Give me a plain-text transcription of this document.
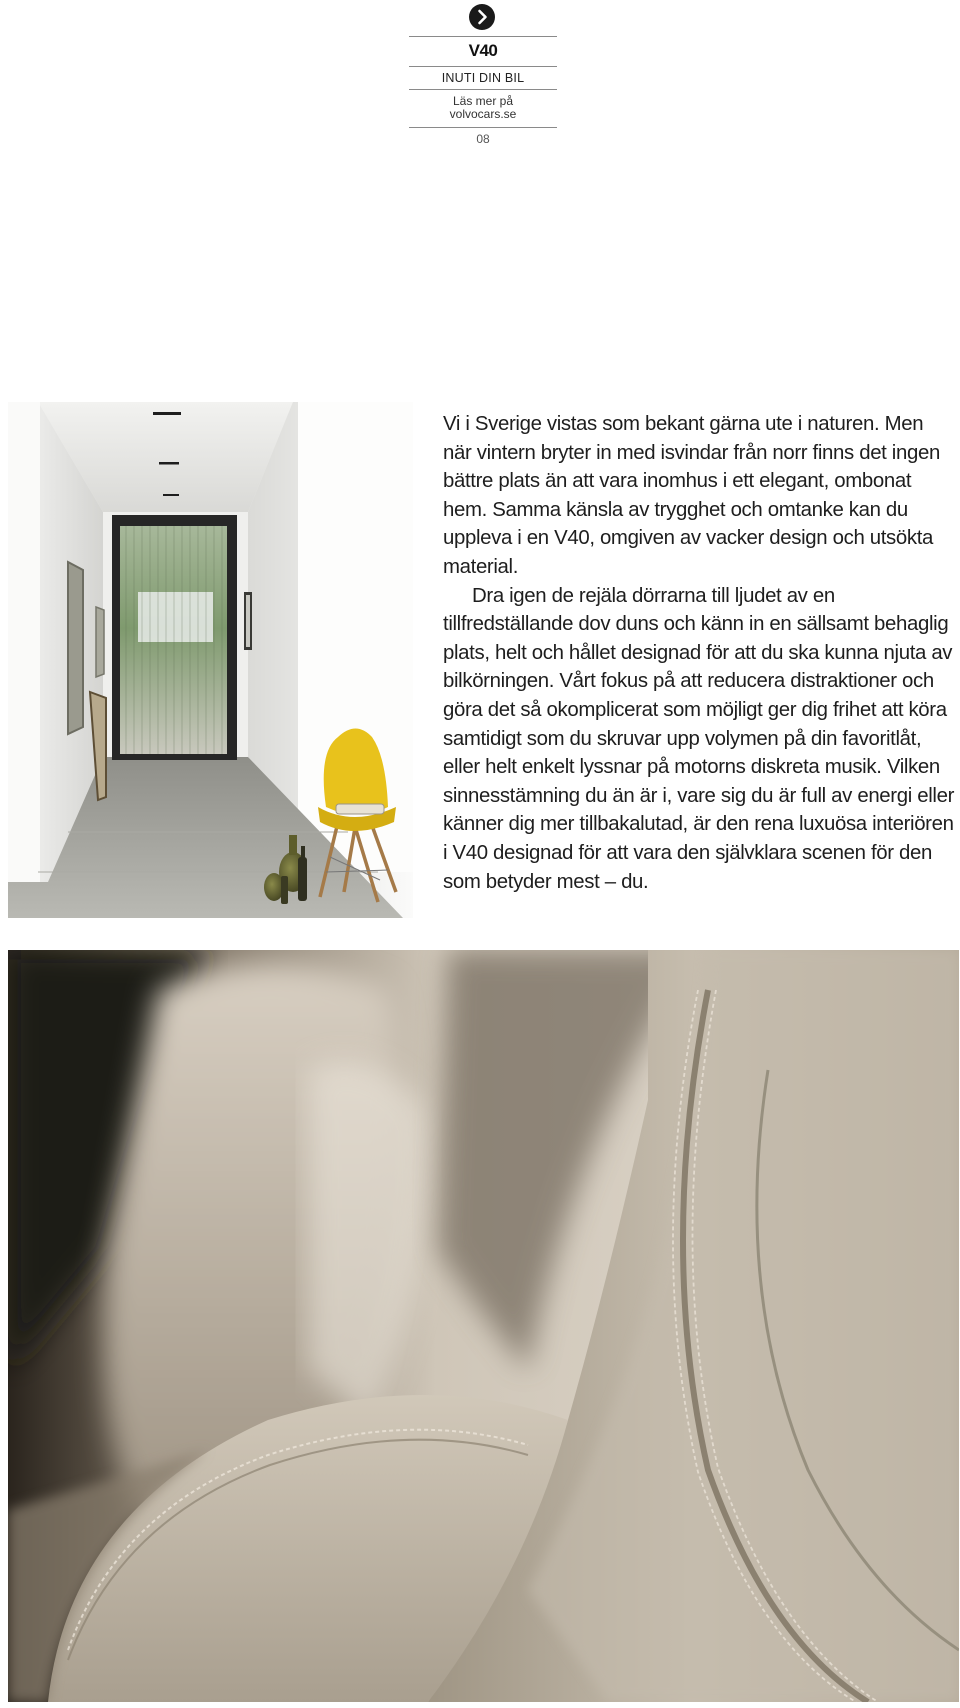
V40
INUTI DIN BIL
Läs mer på
volvocars.se
08

Vi i Sverige vistas som bekant gärna ute i naturen. Men när vintern bryter in med isvindar från norr finns det ingen bättre plats än att vara inomhus i ett elegant, ombonat hem. Samma känsla av trygghet och omtanke kan du uppleva i en V40, omgiven av vacker design och utsökta material.

Dra igen de rejäla dörrarna till ljudet av en tillfredställande dov duns och känn in en sällsamt behaglig plats, helt och hållet designad för att du ska kunna njuta av bilkörningen. Vårt fokus på att reducera distraktioner och göra det så okomplicerat som möjligt ger dig frihet att köra samtidigt som du skruvar upp volymen på din favoritlåt, eller helt enkelt lyssnar på motorns diskreta musik. Vilken sinnesstämning du än är i, vare sig du är full av energi eller känner dig mer tillbakalutad, är den rena luxuösa interiören i V40 designad för att vara den självklara scenen för den som betyder mest – du.
